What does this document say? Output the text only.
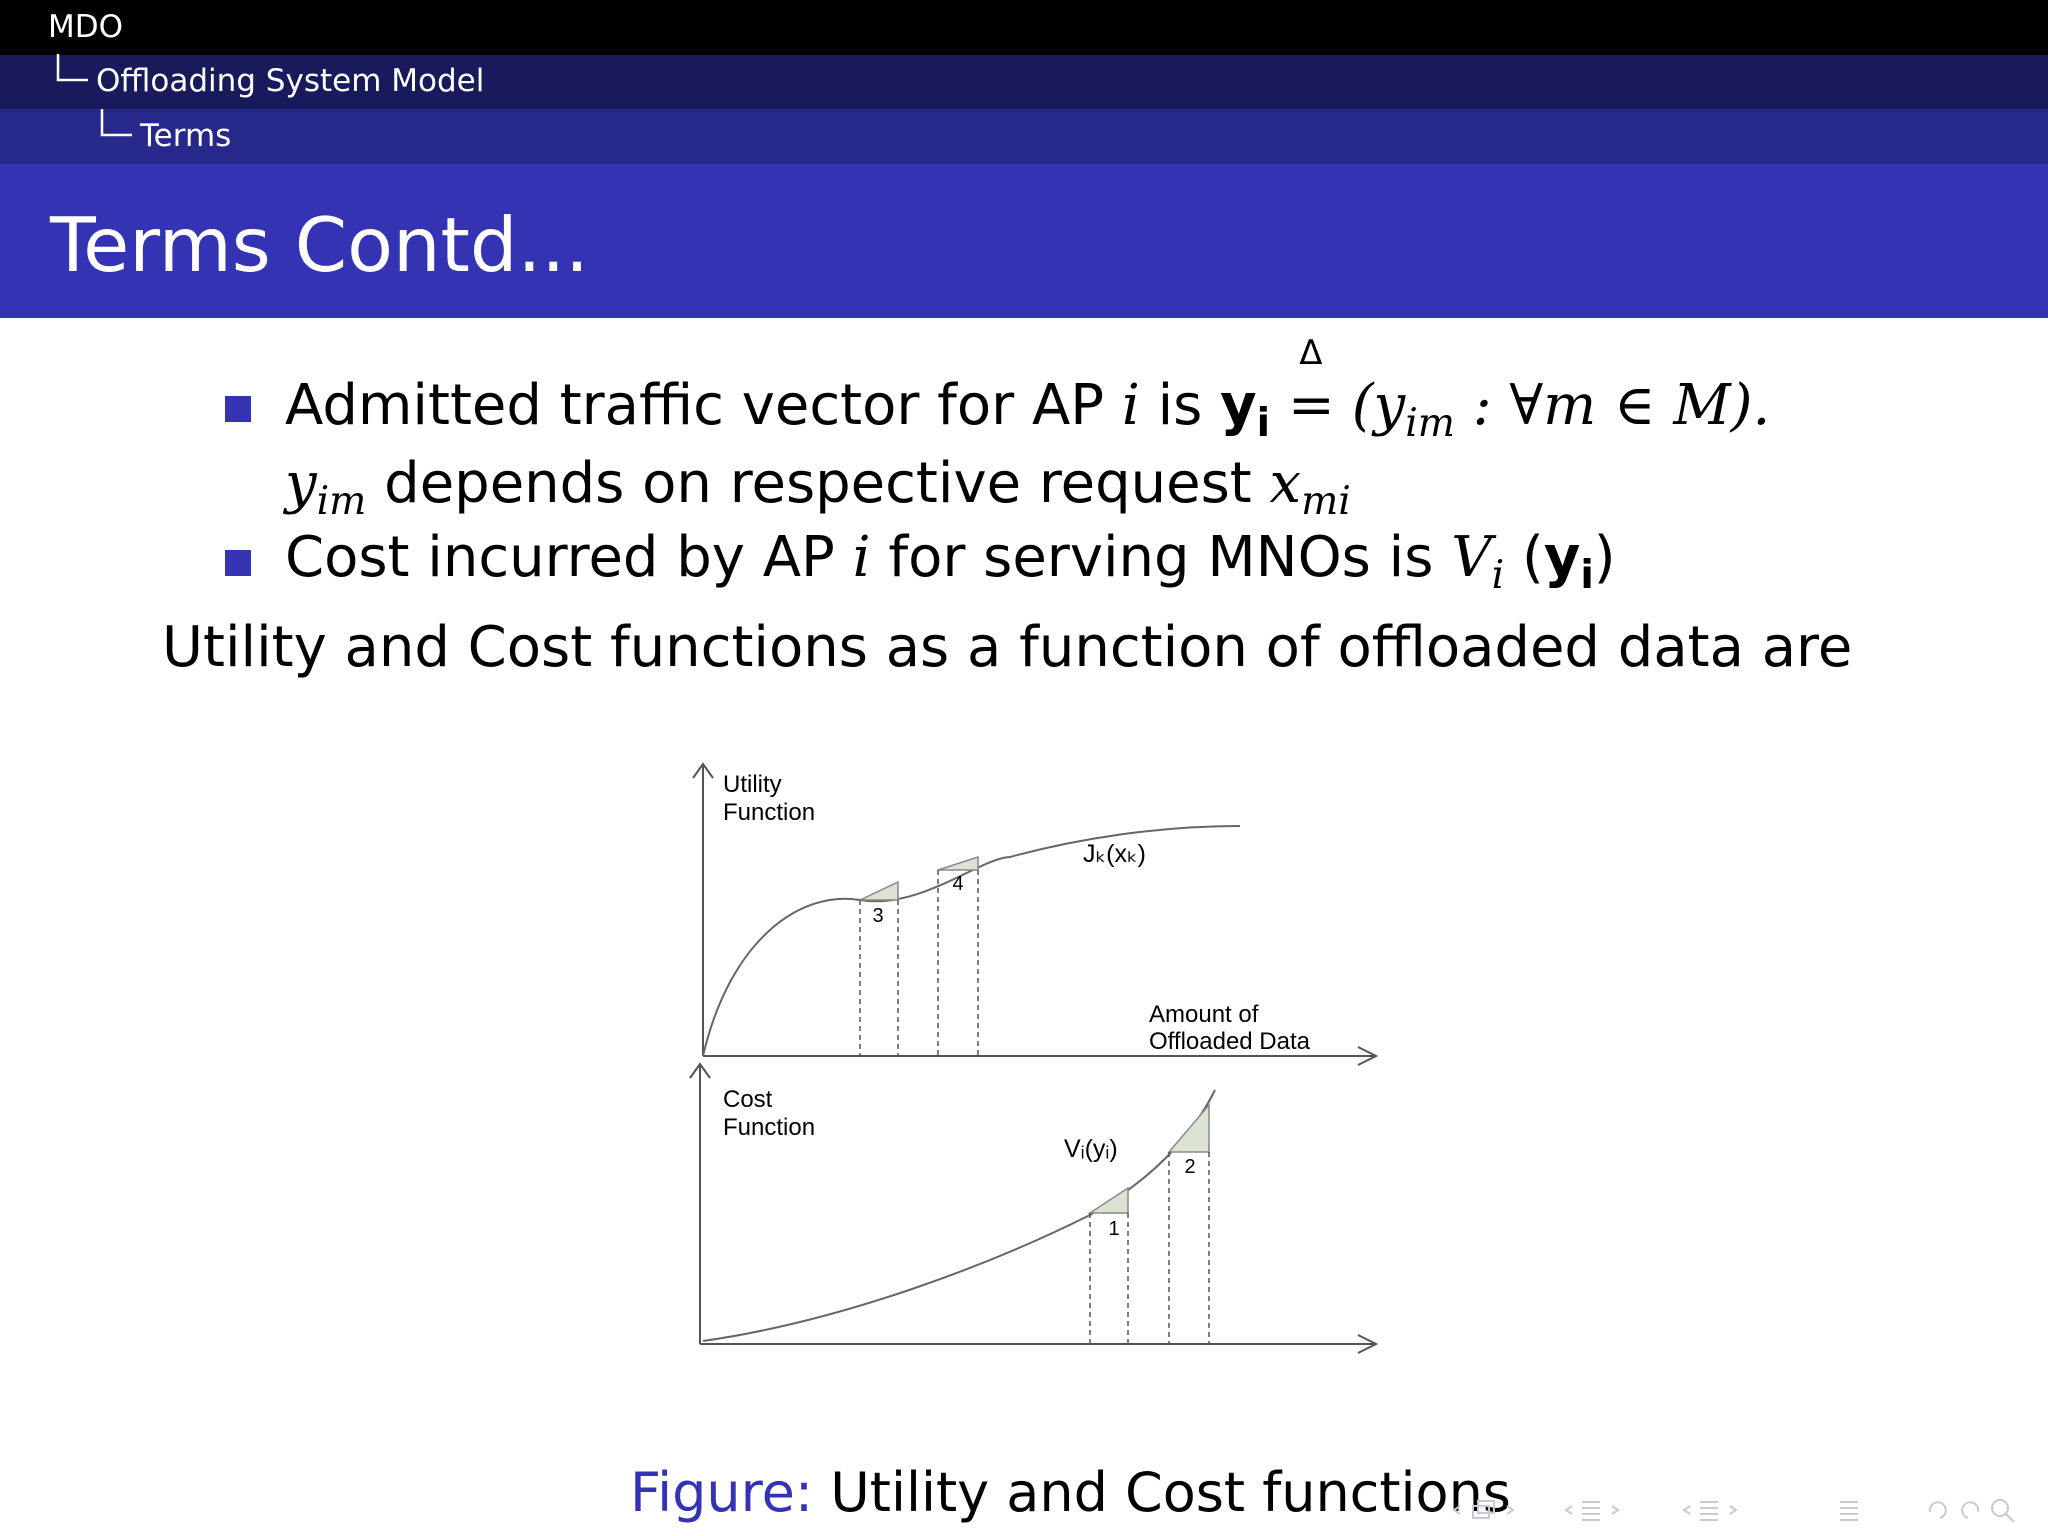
MDO
Offloading System Model
Terms
Terms Contd...
Admitted traffic vector for AP i is $y_i$
Δ
= ($y_{im}$ : ∀m ∈ M).
$y_{im}$ depends on respective request $x_{mi}$
Cost incurred by AP i for serving MNOs is $V_i$ $(y_i)$
Utility and Cost functions as a function of offloaded data are
Utility
Function
Jₖ(xₖ)
3
4
Amount of
Offloaded Data
Cost
Function
Vᵢ(yᵢ)
1
2
Figure: Utility and Cost functions
